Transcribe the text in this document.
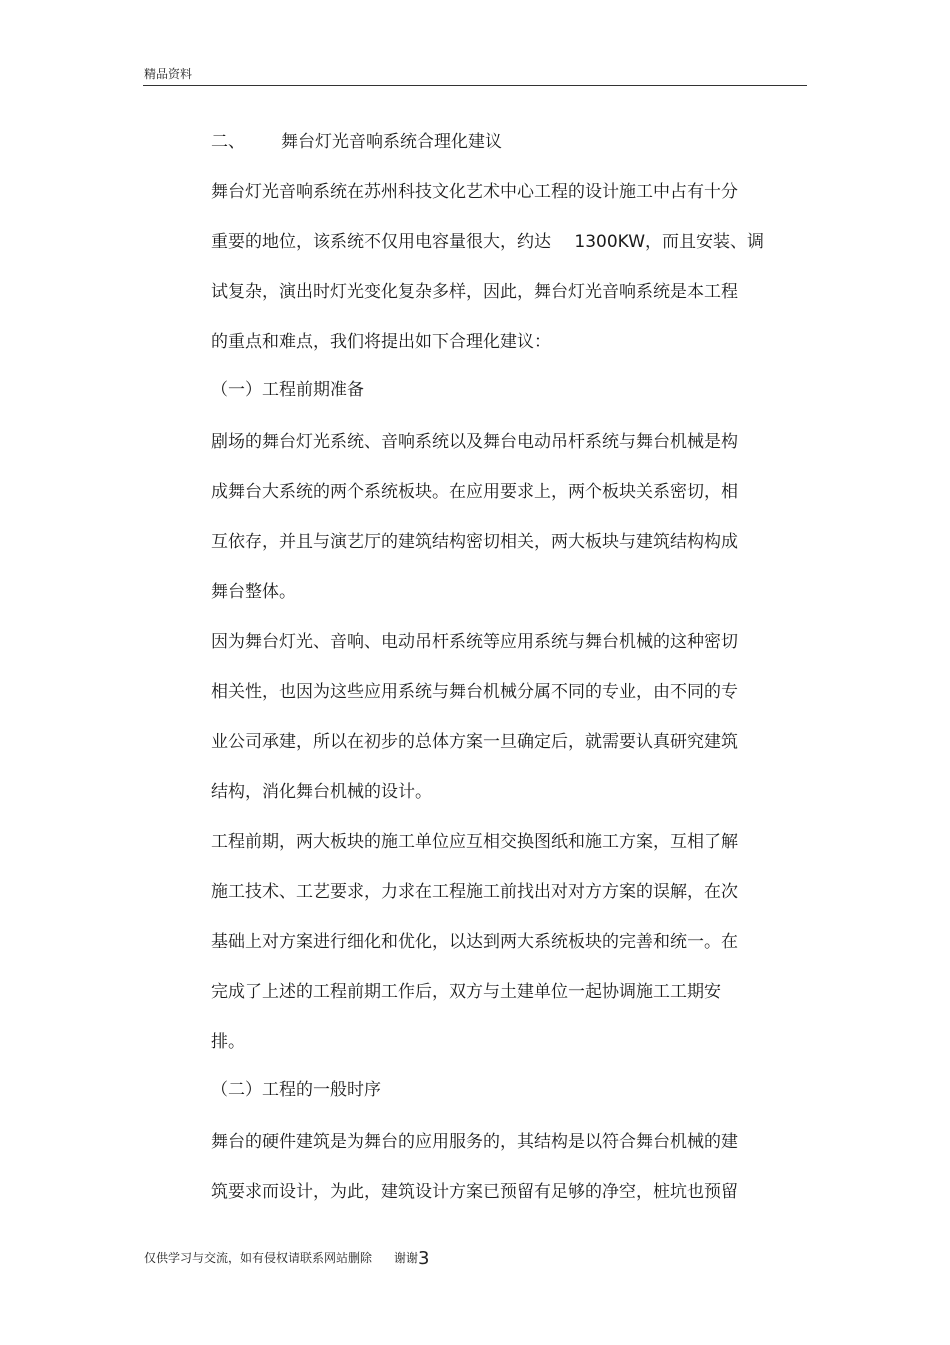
精品资料
二、 舞台灯光音响系统合理化建议
舞台灯光音响系统在苏州科技文化艺术中心工程的设计施工中占有十分
重要的地位，该系统不仅用电容量很大，约达 1300KW，而且安装、调
试复杂，演出时灯光变化复杂多样，因此，舞台灯光音响系统是本工程
的重点和难点，我们将提出如下合理化建议：
（一）工程前期准备
剧场的舞台灯光系统、音响系统以及舞台电动吊杆系统与舞台机械是构
成舞台大系统的两个系统板块。在应用要求上，两个板块关系密切，相
互依存，并且与演艺厅的建筑结构密切相关，两大板块与建筑结构构成
舞台整体。
因为舞台灯光、音响、电动吊杆系统等应用系统与舞台机械的这种密切
相关性，也因为这些应用系统与舞台机械分属不同的专业，由不同的专
业公司承建，所以在初步的总体方案一旦确定后，就需要认真研究建筑
结构，消化舞台机械的设计。
工程前期，两大板块的施工单位应互相交换图纸和施工方案，互相了解
施工技术、工艺要求，力求在工程施工前找出对对方方案的误解，在次
基础上对方案进行细化和优化，以达到两大系统板块的完善和统一。在
完成了上述的工程前期工作后，双方与土建单位一起协调施工工期安
排。
（二）工程的一般时序
舞台的硬件建筑是为舞台的应用服务的，其结构是以符合舞台机械的建
筑要求而设计，为此，建筑设计方案已预留有足够的净空，桩坑也预留
仅供学习与交流，如有侵权请联系网站删除 谢谢3
